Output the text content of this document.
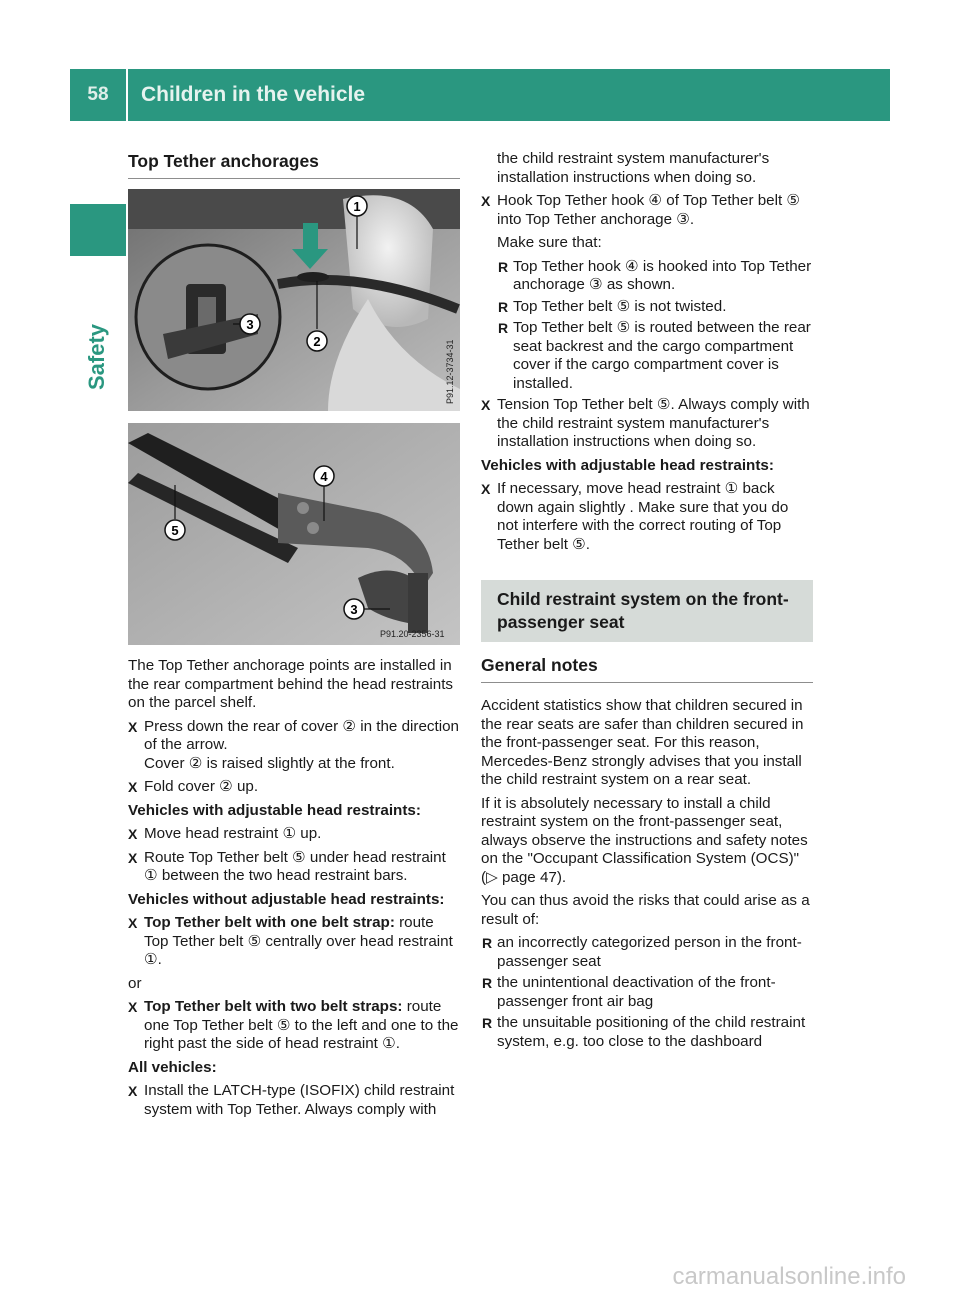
58	Children in the vehicle
Safety
Top Tether anchorages
1
2
3
P91.12-3734-31
4
5
3
P91.20-2356-31

The Top Tether anchorage points are installed in the rear compartment behind the head restraints on the parcel shelf.

X Press down the rear of cover ② in the direction of the arrow.
Cover ② is raised slightly at the front.
X Fold cover ② up.
Vehicles with adjustable head restraints:
X Move head restraint ① up.
X Route Top Tether belt ⑤ under head restraint ① between the two head restraint bars.
Vehicles without adjustable head restraints:
X Top Tether belt with one belt strap: route Top Tether belt ⑤ centrally over head restraint ①.

or

X Top Tether belt with two belt straps: route one Top Tether belt ⑤ to the left and one to the right past the side of head restraint ①.
All vehicles:
X Install the LATCH-type (ISOFIX) child restraint system with Top Tether. Always comply with
the child restraint system manufacturer's installation instructions when doing so.
X Hook Top Tether hook ④ of Top Tether belt ⑤ into Top Tether anchorage ③.

Make sure that:

R Top Tether hook ④ is hooked into Top Tether anchorage ③ as shown.
R Top Tether belt ⑤ is not twisted.
R Top Tether belt ⑤ is routed between the rear seat backrest and the cargo compartment cover if the cargo compartment cover is installed.
X Tension Top Tether belt ⑤. Always comply with the child restraint system manufacturer's installation instructions when doing so.
Vehicles with adjustable head restraints:
X If necessary, move head restraint ① back down again slightly . Make sure that you do not interfere with the correct routing of Top Tether belt ⑤.
Child restraint system on the front-passenger seat
General notes

Accident statistics show that children secured in the rear seats are safer than children secured in the front-passenger seat. For this reason, Mercedes-Benz strongly advises that you install the child restraint system on a rear seat.

If it is absolutely necessary to install a child restraint system on the front-passenger seat, always observe the instructions and safety notes on the "Occupant Classification System (OCS)" (▷ page 47).

You can thus avoid the risks that could arise as a result of:

R an incorrectly categorized person in the front-passenger seat
R the unintentional deactivation of the front-passenger front air bag
R the unsuitable positioning of the child restraint system, e.g. too close to the dashboard
carmanualsonline.info
